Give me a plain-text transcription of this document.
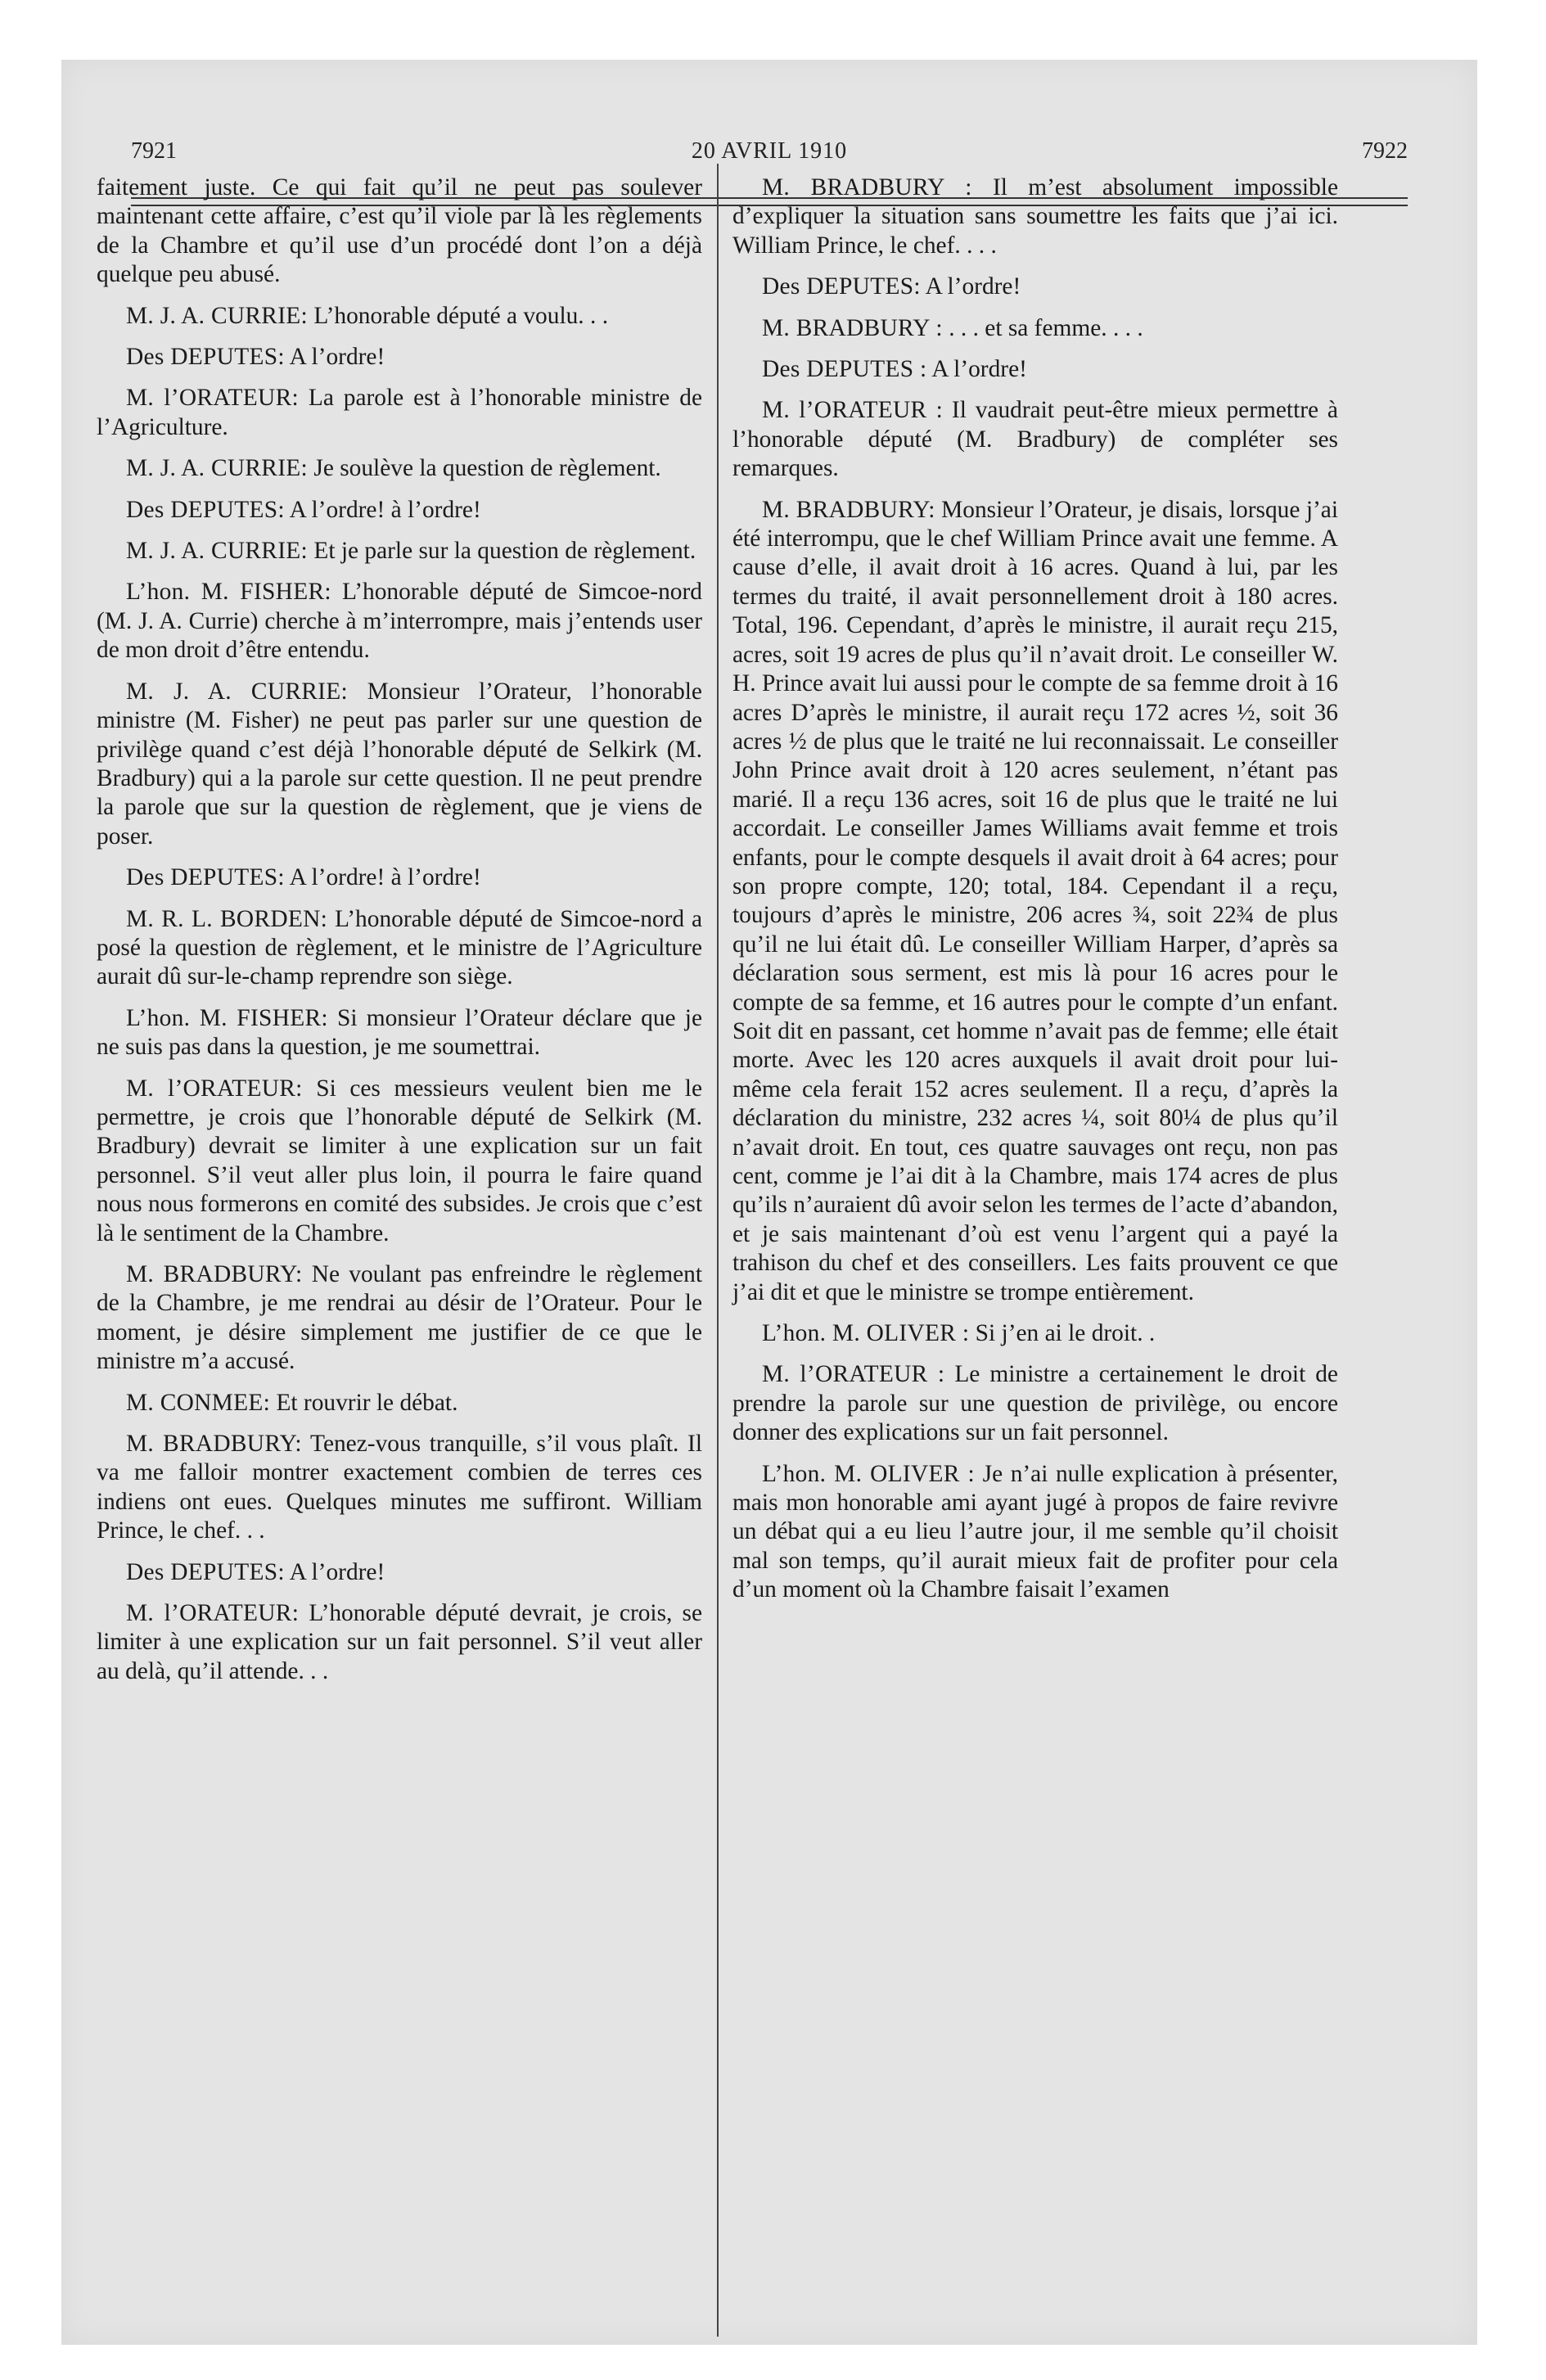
7921	20 AVRIL 1910	7922

faitement juste. Ce qui fait qu’il ne peut pas soulever maintenant cette affaire, c’est qu’il viole par là les règlements de la Chambre et qu’il use d’un procédé dont l’on a déjà quelque peu abusé.

M. J. A. CURRIE: L’honorable député a voulu. . .

Des DEPUTES: A l’ordre!

M. l’ORATEUR: La parole est à l’honorable ministre de l’Agriculture.

M. J. A. CURRIE: Je soulève la question de règlement.

Des DEPUTES: A l’ordre! à l’ordre!

M. J. A. CURRIE: Et je parle sur la question de règlement.

L’hon. M. FISHER: L’honorable député de Simcoe-nord (M. J. A. Currie) cherche à m’interrompre, mais j’entends user de mon droit d’être entendu.

M. J. A. CURRIE: Monsieur l’Orateur, l’honorable ministre (M. Fisher) ne peut pas parler sur une question de privilège quand c’est déjà l’honorable député de Selkirk (M. Bradbury) qui a la parole sur cette question. Il ne peut prendre la parole que sur la question de règlement, que je viens de poser.

Des DEPUTES: A l’ordre! à l’ordre!

M. R. L. BORDEN: L’honorable député de Simcoe-nord a posé la question de règlement, et le ministre de l’Agriculture aurait dû sur-le-champ reprendre son siège.

L’hon. M. FISHER: Si monsieur l’Orateur déclare que je ne suis pas dans la question, je me soumettrai.

M. l’ORATEUR: Si ces messieurs veulent bien me le permettre, je crois que l’honorable député de Selkirk (M. Bradbury) devrait se limiter à une explication sur un fait personnel. S’il veut aller plus loin, il pourra le faire quand nous nous formerons en comité des subsides. Je crois que c’est là le sentiment de la Chambre.

M. BRADBURY: Ne voulant pas enfreindre le règlement de la Chambre, je me rendrai au désir de l’Orateur. Pour le moment, je désire simplement me justifier de ce que le ministre m’a accusé.

M. CONMEE: Et rouvrir le débat.

M. BRADBURY: Tenez-vous tranquille, s’il vous plaît. Il va me falloir montrer exactement combien de terres ces indiens ont eues. Quelques minutes me suffiront. William Prince, le chef. . .

Des DEPUTES: A l’ordre!

M. l’ORATEUR: L’honorable député devrait, je crois, se limiter à une explication sur un fait personnel. S’il veut aller au delà, qu’il attende. . .

M. BRADBURY : Il m’est absolument impossible d’expliquer la situation sans soumettre les faits que j’ai ici. William Prince, le chef. . . .

Des DEPUTES: A l’ordre!

M. BRADBURY : . . . et sa femme. . . .

Des DEPUTES : A l’ordre!

M. l’ORATEUR : Il vaudrait peut-être mieux permettre à l’honorable député (M. Bradbury) de compléter ses remarques.

M. BRADBURY: Monsieur l’Orateur, je disais, lorsque j’ai été interrompu, que le chef William Prince avait une femme. A cause d’elle, il avait droit à 16 acres. Quand à lui, par les termes du traité, il avait personnellement droit à 180 acres. Total, 196. Cependant, d’après le ministre, il aurait reçu 215, acres, soit 19 acres de plus qu’il n’avait droit. Le conseiller W. H. Prince avait lui aussi pour le compte de sa femme droit à 16 acres D’après le ministre, il aurait reçu 172 acres ½, soit 36 acres ½ de plus que le traité ne lui reconnaissait. Le conseiller John Prince avait droit à 120 acres seulement, n’étant pas marié. Il a reçu 136 acres, soit 16 de plus que le traité ne lui accordait. Le conseiller James Williams avait femme et trois enfants, pour le compte desquels il avait droit à 64 acres; pour son propre compte, 120; total, 184. Cependant il a reçu, toujours d’après le ministre, 206 acres ¾, soit 22¾ de plus qu’il ne lui était dû. Le conseiller William Harper, d’après sa déclaration sous serment, est mis là pour 16 acres pour le compte de sa femme, et 16 autres pour le compte d’un enfant. Soit dit en passant, cet homme n’avait pas de femme; elle était morte. Avec les 120 acres auxquels il avait droit pour lui-même cela ferait 152 acres seulement. Il a reçu, d’après la déclaration du ministre, 232 acres ¼, soit 80¼ de plus qu’il n’avait droit. En tout, ces quatre sauvages ont reçu, non pas cent, comme je l’ai dit à la Chambre, mais 174 acres de plus qu’ils n’auraient dû avoir selon les termes de l’acte d’abandon, et je sais maintenant d’où est venu l’argent qui a payé la trahison du chef et des conseillers. Les faits prouvent ce que j’ai dit et que le ministre se trompe entièrement.

L’hon. M. OLIVER : Si j’en ai le droit. .

M. l’ORATEUR : Le ministre a certainement le droit de prendre la parole sur une question de privilège, ou encore donner des explications sur un fait personnel.

L’hon. M. OLIVER : Je n’ai nulle explication à présenter, mais mon honorable ami ayant jugé à propos de faire revivre un débat qui a eu lieu l’autre jour, il me semble qu’il choisit mal son temps, qu’il aurait mieux fait de profiter pour cela d’un moment où la Chambre faisait l’examen
